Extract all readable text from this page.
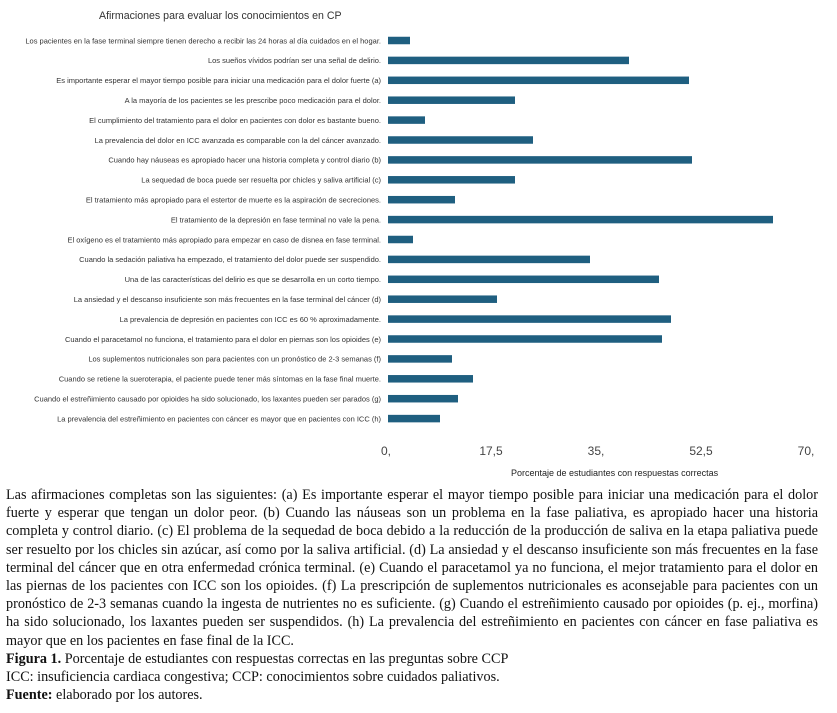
Afirmaciones para evaluar los conocimientos en CP
Los pacientes en la fase terminal siempre tienen derecho a recibir las 24 horas al día cuidados en el hogar.
Los sueños vívidos podrían ser una señal de delirio.
Es importante esperar el mayor tiempo posible para iniciar una medicación para el dolor fuerte (a)
A la mayoría de los pacientes se les prescribe poco medicación para el dolor.
El cumplimiento del tratamiento para el dolor en pacientes con dolor es bastante bueno.
La prevalencia del dolor en ICC avanzada es comparable con la del cáncer avanzado.
Cuando hay náuseas es apropiado hacer una historia completa y control diario (b)
La sequedad de boca puede ser resuelta por chicles y saliva artificial (c)
El tratamiento más apropiado para el estertor de muerte es la aspiración de secreciones.
El tratamiento de la depresión en fase terminal no vale la pena.
El oxígeno es el tratamiento más apropiado para empezar en caso de disnea en fase terminal.
Cuando la sedación paliativa ha empezado, el tratamiento del dolor puede ser suspendido.
Una de las características del delirio es que se desarrolla en un corto tiempo.
La ansiedad y el descanso insuficiente son más frecuentes en la fase terminal del cáncer (d)
La prevalencia de depresión en pacientes con ICC es 60 % aproximadamente.
Cuando el paracetamol no funciona, el tratamiento para el dolor en piernas son los opioides (e)
Los suplementos nutricionales son para pacientes con un pronóstico de 2-3 semanas (f)
Cuando se retiene la sueroterapia, el paciente puede tener más síntomas en la fase final muerte.
Cuando el estreñimiento causado por opioides ha sido solucionado, los laxantes pueden ser parados (g)
La prevalencia del estreñimiento en pacientes con cáncer es mayor que en pacientes con ICC (h)
0,	17,5	35,	52,5	70,
Porcentaje de estudiantes con respuestas correctas

Las afirmaciones completas son las siguientes: (a) Es importante esperar el mayor tiempo posible para iniciar una medicación para el dolor fuerte y esperar que tengan un dolor peor. (b) Cuando las náuseas son un problema en la fase paliativa, es apropiado hacer una historia completa y control diario. (c) El problema de la sequedad de boca debido a la reducción de la producción de saliva en la etapa paliativa puede ser resuelto por los chicles sin azúcar, así como por la saliva artificial. (d) La ansiedad y el descanso insuficiente son más frecuentes en la fase terminal del cáncer que en otra enfermedad crónica terminal. (e) Cuando el paracetamol ya no funciona, el mejor tratamiento para el dolor en las piernas de los pacientes con ICC son los opioides. (f) La prescripción de suplementos nutricionales es aconsejable para pacientes con un pronóstico de 2-3 semanas cuando la ingesta de nutrientes no es suficiente. (g) Cuando el estreñimiento causado por opioides (p. ej., morfina) ha sido solucionado, los laxantes pueden ser suspendidos. (h) La prevalencia del estreñimiento en pacientes con cáncer en fase paliativa es mayor que en los pacientes en fase final de la ICC.

Figura 1. Porcentaje de estudiantes con respuestas correctas en las preguntas sobre CCP

ICC: insuficiencia cardiaca congestiva; CCP: conocimientos sobre cuidados paliativos.

Fuente: elaborado por los autores.
